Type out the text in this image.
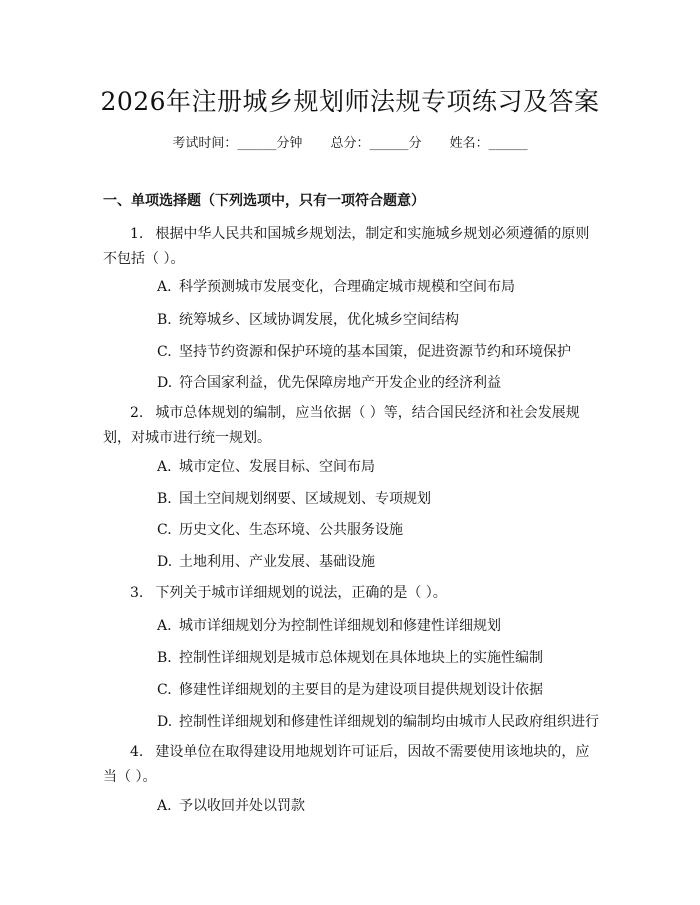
2026年注册城乡规划师法规专项练习及答案
考试时间：______分钟 总分：______分 姓名：______
一、单项选择题（下列选项中，只有一项符合题意）
1. 根据中华人民共和国城乡规划法，制定和实施城乡规划必须遵循的原则不包括（ ）。
A. 科学预测城市发展变化，合理确定城市规模和空间布局
B. 统筹城乡、区域协调发展，优化城乡空间结构
C. 坚持节约资源和保护环境的基本国策，促进资源节约和环境保护
D. 符合国家利益，优先保障房地产开发企业的经济利益
2. 城市总体规划的编制，应当依据（ ）等，结合国民经济和社会发展规划，对城市进行统一规划。
A. 城市定位、发展目标、空间布局
B. 国土空间规划纲要、区域规划、专项规划
C. 历史文化、生态环境、公共服务设施
D. 土地利用、产业发展、基础设施
3. 下列关于城市详细规划的说法，正确的是（ ）。
A. 城市详细规划分为控制性详细规划和修建性详细规划
B. 控制性详细规划是城市总体规划在具体地块上的实施性编制
C. 修建性详细规划的主要目的是为建设项目提供规划设计依据
D. 控制性详细规划和修建性详细规划的编制均由城市人民政府组织进行
4. 建设单位在取得建设用地规划许可证后，因故不需要使用该地块的，应当（ ）。
A. 予以收回并处以罚款
